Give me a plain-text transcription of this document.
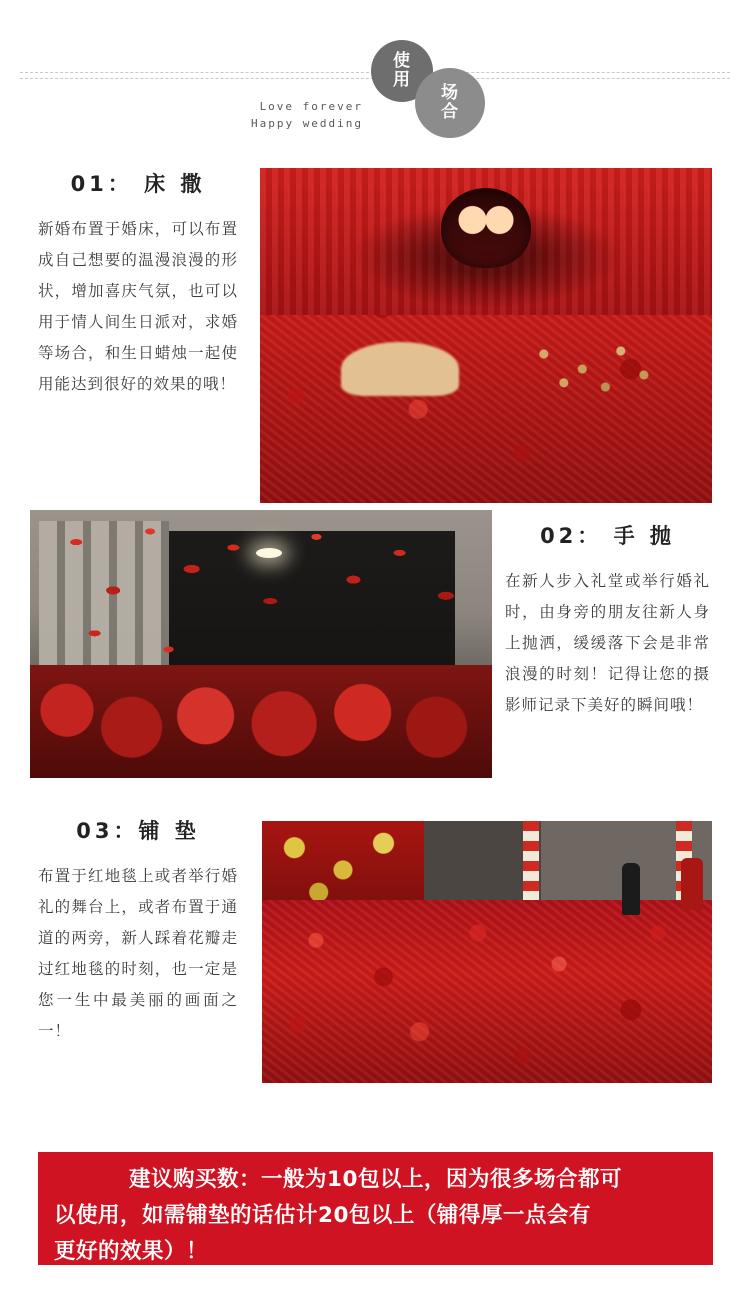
Love forever
Happy wedding
使
用
场
合
01： 床 撒
新婚布置于婚床，可以布置成自己想要的温漫浪漫的形状，增加喜庆气氛，也可以用于情人间生日派对，求婚等场合，和生日蜡烛一起使用能达到很好的效果的哦！
02： 手 抛
在新人步入礼堂或举行婚礼时，由身旁的朋友往新人身上抛洒，缓缓落下会是非常浪漫的时刻！记得让您的摄影师记录下美好的瞬间哦！
03：铺 垫
布置于红地毯上或者举行婚礼的舞台上，或者布置于通道的两旁，新人踩着花瓣走过红地毯的时刻，也一定是您一生中最美丽的画面之一！
建议购买数：一般为10包以上，因为很多场合都可
以使用，如需铺垫的话估计20包以上（铺得厚一点会有
更好的效果）！
